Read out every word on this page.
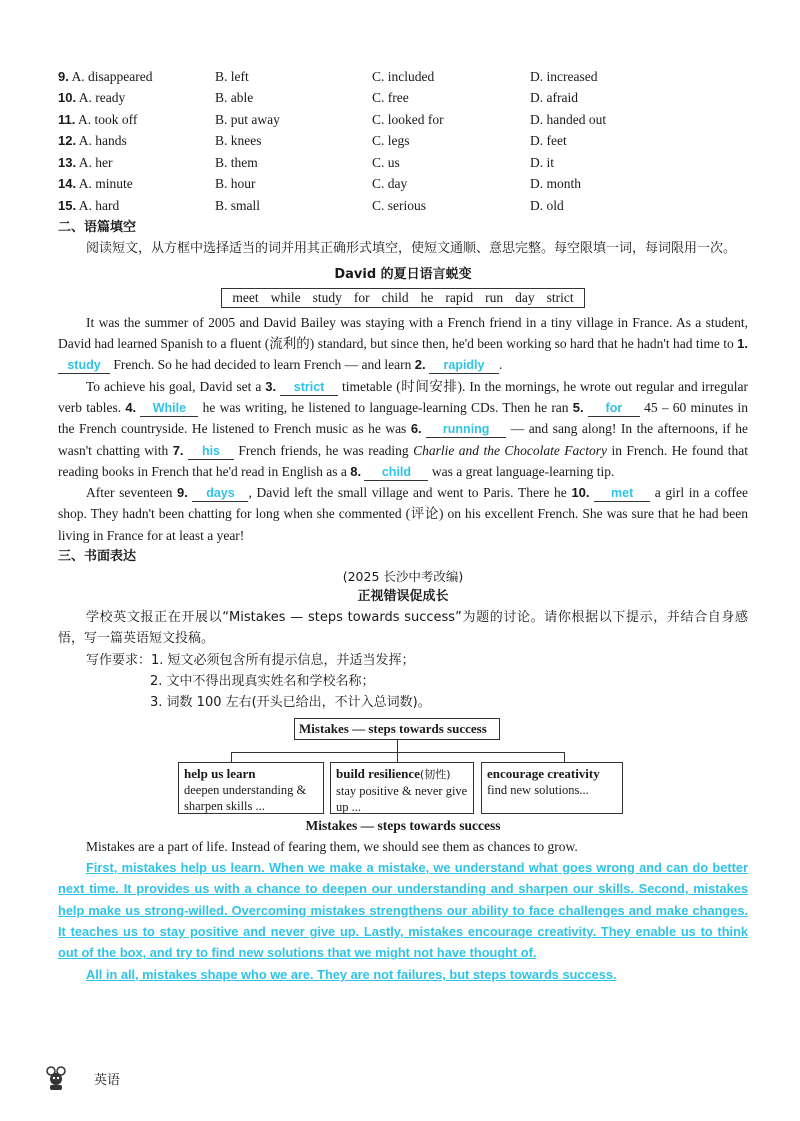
9. A. disappeared	B. left	C. included	D. increased
10. A. ready	B. able	C. free	D. afraid
11. A. took off	B. put away	C. looked for	D. handed out
12. A. hands	B. knees	C. legs	D. feet
13. A. her	B. them	C. us	D. it
14. A. minute	B. hour	C. day	D. month
15. A. hard	B. small	C. serious	D. old
二、语篇填空
阅读短文，从方框中选择适当的词并用其正确形式填空，使短文通顺、意思完整。每空限填一词，每词限用一次。
David 的夏日语言蜕变
meet while study for child he rapid run day strict
It was the summer of 2005 and David Bailey was staying with a French friend in a tiny village in France. As a student, David had learned Spanish to a fluent (流利的) standard, but since then, he'd been working so hard that he hadn't had time to 1. study French. So he had decided to learn French — and learn 2. rapidly .
To achieve his goal, David set a 3. strict timetable (时间安排). In the mornings, he wrote out regular and irregular verb tables. 4. While he was writing, he listened to language-learning CDs. Then he ran 5. for 45 – 60 minutes in the French countryside. He listened to French music as he was 6. running — and sang along! In the afternoons, if he wasn't chatting with 7. his French friends, he was reading Charlie and the Chocolate Factory in French. He found that reading books in French that he'd read in English as a 8. child was a great language-learning tip.
After seventeen 9. days , David left the small village and went to Paris. There he 10. met a girl in a coffee shop. They hadn't been chatting for long when she commented (评论) on his excellent French. She was sure that he had been living in France for at least a year!
三、书面表达
(2025 长沙中考改编)
正视错误促成长
学校英文报正在开展以“Mistakes — steps towards success”为题的讨论。请你根据以下提示，并结合自身感悟，写一篇英语短文投稿。
写作要求：1. 短文必须包含所有提示信息，并适当发挥；
2. 文中不得出现真实姓名和学校名称；
3. 词数 100 左右(开头已给出，不计入总词数)。
Mistakes — steps towards success
help us learn
deepen understanding & sharpen skills ...
build resilience(韧性)
stay positive & never give up ...
encourage creativity
find new solutions...
Mistakes — steps towards success
Mistakes are a part of life. Instead of fearing them, we should see them as chances to grow.
First, mistakes help us learn. When we make a mistake, we understand what goes wrong and can do better next time. It provides us with a chance to deepen our understanding and sharpen our skills. Second, mistakes help make us strong-willed. Overcoming mistakes strengthens our ability to face challenges and make changes. It teaches us to stay positive and never give up. Lastly, mistakes encourage creativity. They enable us to think out of the box, and try to find new solutions that we might not have thought of.
All in all, mistakes shape who we are. They are not failures, but steps towards success.
英语
